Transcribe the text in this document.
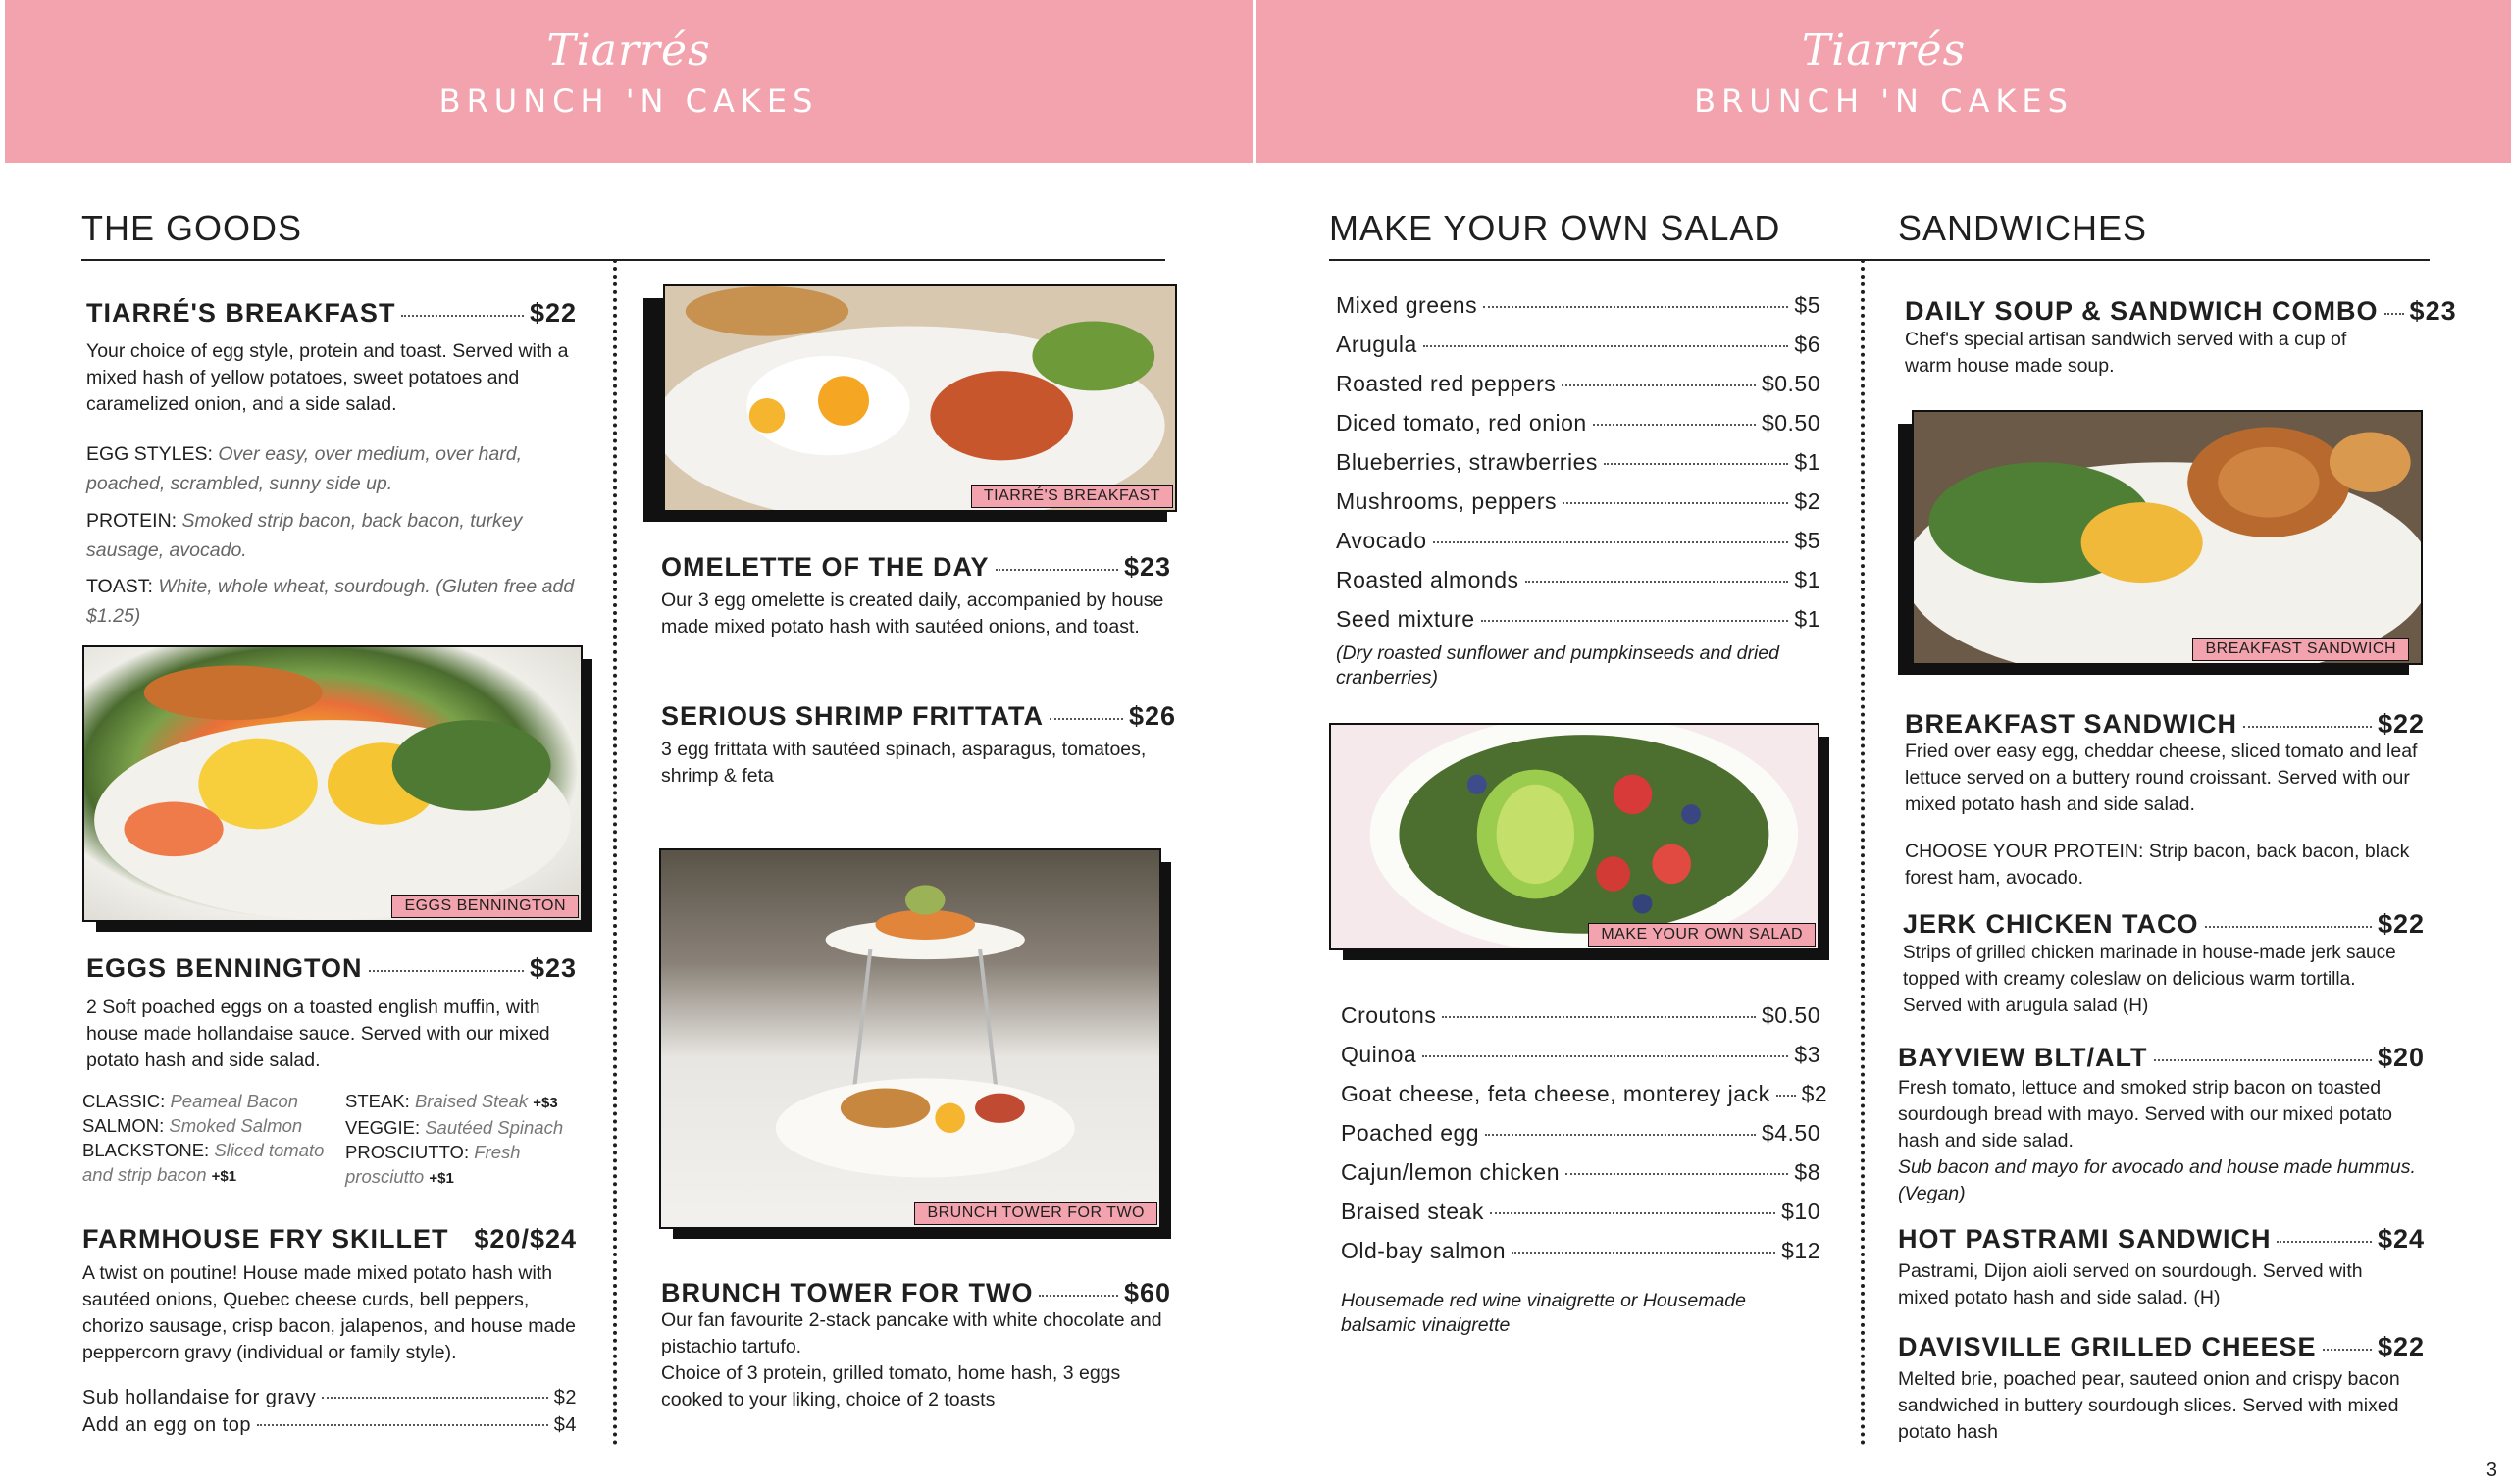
Tiarrés
BRUNCH 'N CAKES
Tiarrés
BRUNCH 'N CAKES
THE GOODS	MAKE YOUR OWN SALAD	SANDWICHES
TIARRÉ'S BREAKFAST	$22
Your choice of egg style, protein and toast. Served with a mixed hash of yellow potatoes, sweet potatoes and caramelized onion, and a side salad.
EGG STYLES: Over easy, over medium, over hard, poached, scrambled, sunny side up.
PROTEIN: Smoked strip bacon, back bacon, turkey sausage, avocado.
TOAST: White, whole wheat, sourdough. (Gluten free add $1.25)
EGGS BENNINGTON
EGGS BENNINGTON	$23
2 Soft poached eggs on a toasted english muffin, with house made hollandaise sauce. Served with our mixed potato hash and side salad.
CLASSIC: Peameal Bacon
SALMON: Smoked Salmon
BLACKSTONE: Sliced tomato and strip bacon +$1
STEAK: Braised Steak +$3
VEGGIE: Sautéed Spinach
PROSCIUTTO: Fresh prosciutto +$1
FARMHOUSE FRY SKILLET $20/$24
A twist on poutine! House made mixed potato hash with sautéed onions, Quebec cheese curds, bell peppers, chorizo sausage, crisp bacon, jalapenos, and house made peppercorn gravy (individual or family style).
Sub hollandaise for gravy	$2
Add an egg on top	$4
TIARRÉ'S BREAKFAST
OMELETTE OF THE DAY	$23
Our 3 egg omelette is created daily, accompanied by house made mixed potato hash with sautéed onions, and toast.
SERIOUS SHRIMP FRITTATA	$26
3 egg frittata with sautéed spinach, asparagus, tomatoes, shrimp & feta
BRUNCH TOWER FOR TWO
BRUNCH TOWER FOR TWO	$60
Our fan favourite 2-stack pancake with white chocolate and pistachio tartufo.
Choice of 3 protein, grilled tomato, home hash, 3 eggs cooked to your liking, choice of 2 toasts
Mixed greens	$5
Arugula	$6
Roasted red peppers	$0.50
Diced tomato, red onion	$0.50
Blueberries, strawberries	$1
Mushrooms, peppers	$2
Avocado	$5
Roasted almonds	$1
Seed mixture	$1
(Dry roasted sunflower and pumpkinseeds and dried cranberries)
MAKE YOUR OWN SALAD
Croutons	$0.50
Quinoa	$3
Goat cheese, feta cheese, monterey jack $2
Poached egg	$4.50
Cajun/lemon chicken	$8
Braised steak	$10
Old-bay salmon	$12
Housemade red wine vinaigrette or Housemade balsamic vinaigrette
DAILY SOUP & SANDWICH COMBO $23
Chef's special artisan sandwich served with a cup of warm house made soup.
BREAKFAST SANDWICH
BREAKFAST SANDWICH	$22
Fried over easy egg, cheddar cheese, sliced tomato and leaf lettuce served on a buttery round croissant. Served with our mixed potato hash and side salad.
CHOOSE YOUR PROTEIN: Strip bacon, back bacon, black forest ham, avocado.
JERK CHICKEN TACO	$22
Strips of grilled chicken marinade in house-made jerk sauce topped with creamy coleslaw on delicious warm tortilla. Served with arugula salad (H)
BAYVIEW BLT/ALT	$20
Fresh tomato, lettuce and smoked strip bacon on toasted sourdough bread with mayo. Served with our mixed potato hash and side salad.
Sub bacon and mayo for avocado and house made hummus. (Vegan)
HOT PASTRAMI SANDWICH	$24
Pastrami, Dijon aioli served on sourdough. Served with mixed potato hash and side salad. (H)
DAVISVILLE GRILLED CHEESE $22
Melted brie, poached pear, sauteed onion and crispy bacon sandwiched in buttery sourdough slices. Served with mixed potato hash
3
